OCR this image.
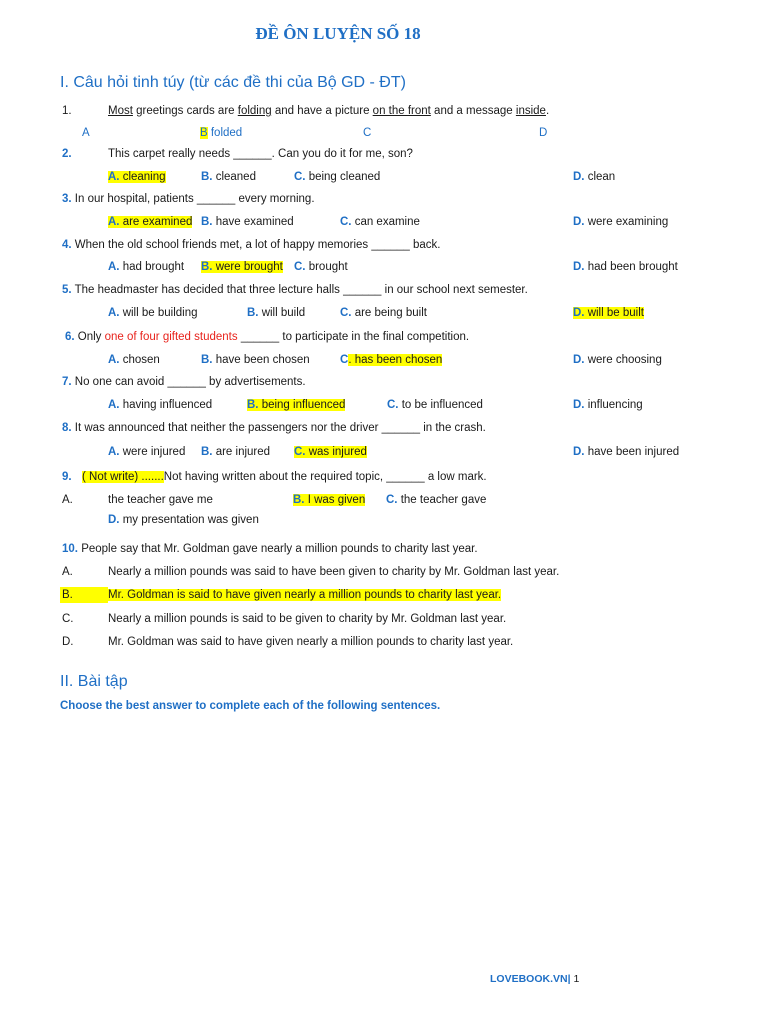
ĐỀ ÔN LUYỆN SỐ 18
I. Câu hỏi tinh túy (từ các đề thi của Bộ GD - ĐT)
1.	Most greetings cards are folding and have a picture on the front and a message inside.
A	B folded	C	D
2.	This carpet really needs ______. Can you do it for me, son?
A. cleaning	B. cleaned	C. being cleaned	D. clean
3. In our hospital, patients ______ every morning.
A. are examined B. have examined	C. can examine	D. were examining
4. When the old school friends met, a lot of happy memories ______ back.
A. had brought B. were brought C. brought	D. had been brought
5. The headmaster has decided that three lecture halls ______ in our school next semester.
A. will be building	B. will build	C. are being built	D. will be built
6. Only one of four gifted students ______ to participate in the final competition.
A. chosen	B. have been chosen	C. has been chosen	D. were choosing
7. No one can avoid ______ by advertisements.
A. having influenced	B. being influenced	C. to be influenced	D. influencing
8. It was announced that neither the passengers nor the driver ______ in the crash.
A. were injured B. are injured C. was injured	D. have been injured
9. ( Not write) .......Not having written about the required topic, ______ a low mark.
A.	the teacher gave me	B. I was given C. the teacher gave
D. my presentation was given
10. People say that Mr. Goldman gave nearly a million pounds to charity last year.
A.	Nearly a million pounds was said to have been given to charity by Mr. Goldman last year.
B.	Mr. Goldman is said to have given nearly a million pounds to charity last year.
C.	Nearly a million pounds is said to be given to charity by Mr. Goldman last year.
D.	Mr. Goldman was said to have given nearly a million pounds to charity last year.
II. Bài tập
Choose the best answer to complete each of the following sentences.
LOVEBOOK.VN| 1
